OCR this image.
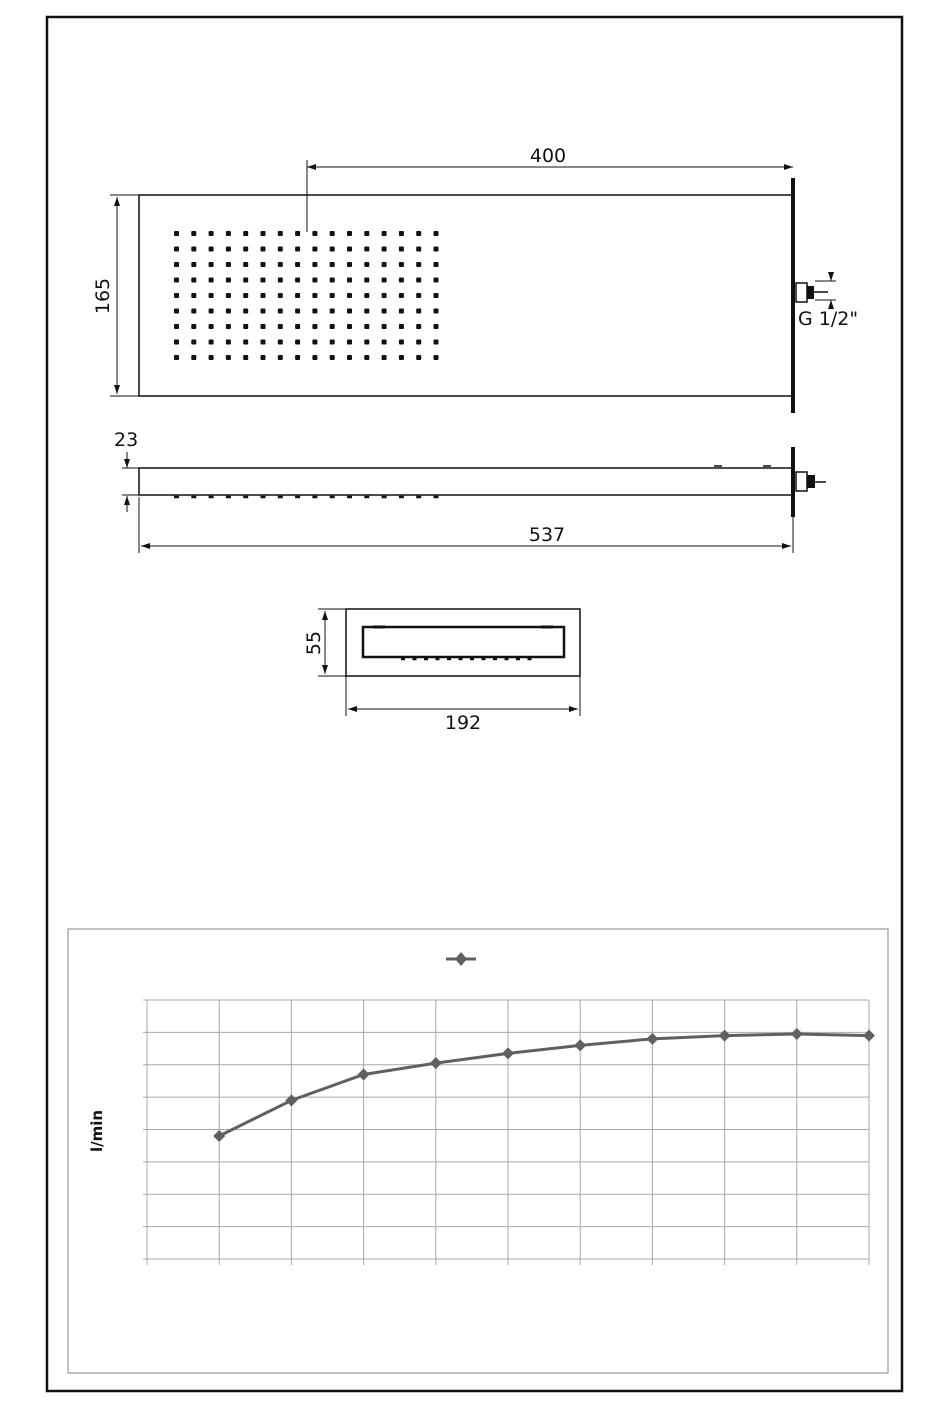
G 1/2"
400
165
23
537
55
192
l/min
